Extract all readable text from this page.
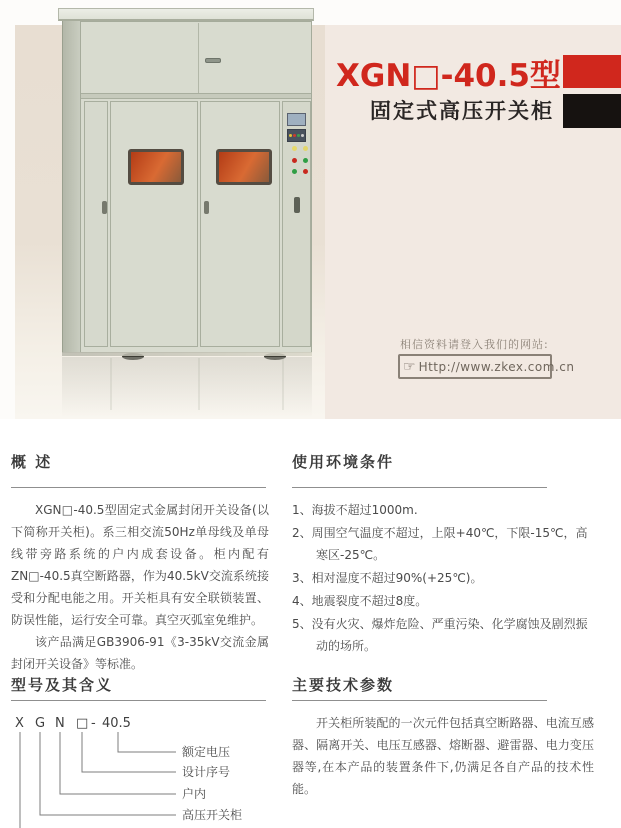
XGN□-40.5型
固定式高压开关柜
相信资料请登入我们的网站:
☞ Http://www.zkex.com.cn
概 述

XGN□-40.5型固定式金属封闭开关设备(以下简称开关柜)。系三相交流50Hz单母线及单母线带旁路系统的户内成套设备。柜内配有ZN□-40.5真空断路器，作为40.5kV交流系统接受和分配电能之用。开关柜具有安全联锁装置、防误性能，运行安全可靠。真空灭弧室免维护。

该产品满足GB3906-91《3-35kV交流金属封闭开关设备》等标准。

使用环境条件
1、海拔不超过1000m.
2、周围空气温度不超过，上限+40℃，下限-15℃，高寒区-25℃。
3、相对湿度不超过90%(+25℃)。
4、地震裂度不超过8度。
5、没有火灾、爆炸危险、严重污染、化学腐蚀及剧烈振动的场所。
型号及其含义
X G N □ - 40.5
额定电压
设计序号
户内
高压开关柜
主要技术参数

开关柜所装配的一次元件包括真空断路器、电流互感器、隔离开关、电压互感器、熔断器、避雷器、电力变压器等,在本产品的装置条件下,仍满足各自产品的技术性能。
